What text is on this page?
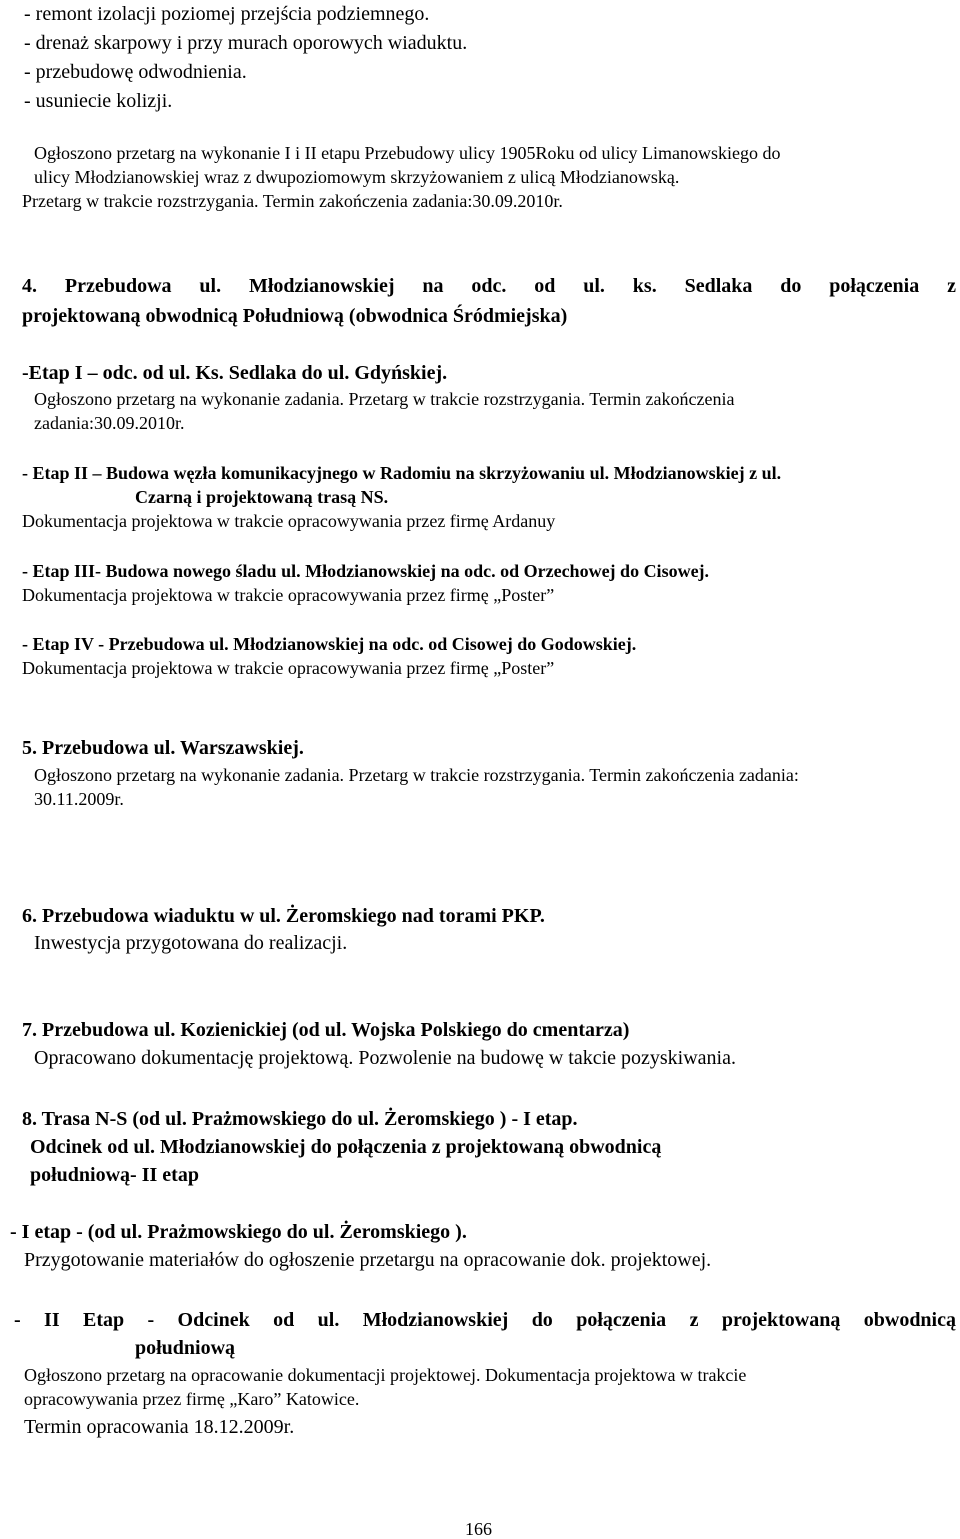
- remont izolacji poziomej przejścia podziemnego.
- drenaż skarpowy i przy murach oporowych wiaduktu.
- przebudowę odwodnienia.
- usuniecie kolizji.
Ogłoszono przetarg na wykonanie I i II etapu Przebudowy ulicy 1905Roku od ulicy Limanowskiego do
ulicy Młodzianowskiej wraz z dwupoziomowym skrzyżowaniem z ulicą Młodzianowską.
Przetarg w trakcie rozstrzygania. Termin zakończenia zadania:30.09.2010r.
4. Przebudowa ul. Młodzianowskiej na odc. od ul. ks. Sedlaka do połączenia z
projektowaną obwodnicą Południową (obwodnica Śródmiejska)
-Etap I – odc. od ul. Ks. Sedlaka do ul. Gdyńskiej.
Ogłoszono przetarg na wykonanie zadania. Przetarg w trakcie rozstrzygania. Termin zakończenia
zadania:30.09.2010r.
- Etap II – Budowa węzła komunikacyjnego w Radomiu na skrzyżowaniu ul. Młodzianowskiej z ul.
Czarną i projektowaną trasą NS.
Dokumentacja projektowa w trakcie opracowywania przez firmę Ardanuy
- Etap III- Budowa nowego śladu ul. Młodzianowskiej na odc. od Orzechowej do Cisowej.
Dokumentacja projektowa w trakcie opracowywania przez firmę „Poster”
- Etap IV - Przebudowa ul. Młodzianowskiej na odc. od Cisowej do Godowskiej.
Dokumentacja projektowa w trakcie opracowywania przez firmę „Poster”
5. Przebudowa ul. Warszawskiej.
Ogłoszono przetarg na wykonanie zadania. Przetarg w trakcie rozstrzygania. Termin zakończenia zadania:
30.11.2009r.
6. Przebudowa wiaduktu w ul. Żeromskiego nad torami PKP.
Inwestycja przygotowana do realizacji.
7. Przebudowa ul. Kozienickiej (od ul. Wojska Polskiego do cmentarza)
Opracowano dokumentację projektową. Pozwolenie na budowę w takcie pozyskiwania.
8. Trasa N-S (od ul. Prażmowskiego do ul. Żeromskiego ) - I etap.
Odcinek od ul. Młodzianowskiej do połączenia z projektowaną obwodnicą
południową- II etap
- I etap - (od ul. Prażmowskiego do ul. Żeromskiego ).
Przygotowanie materiałów do ogłoszenie przetargu na opracowanie dok. projektowej.
- II Etap - Odcinek od ul. Młodzianowskiej do połączenia z projektowaną obwodnicą
południową
Ogłoszono przetarg na opracowanie dokumentacji projektowej. Dokumentacja projektowa w trakcie
opracowywania przez firmę „Karo” Katowice.
Termin opracowania 18.12.2009r.
166
